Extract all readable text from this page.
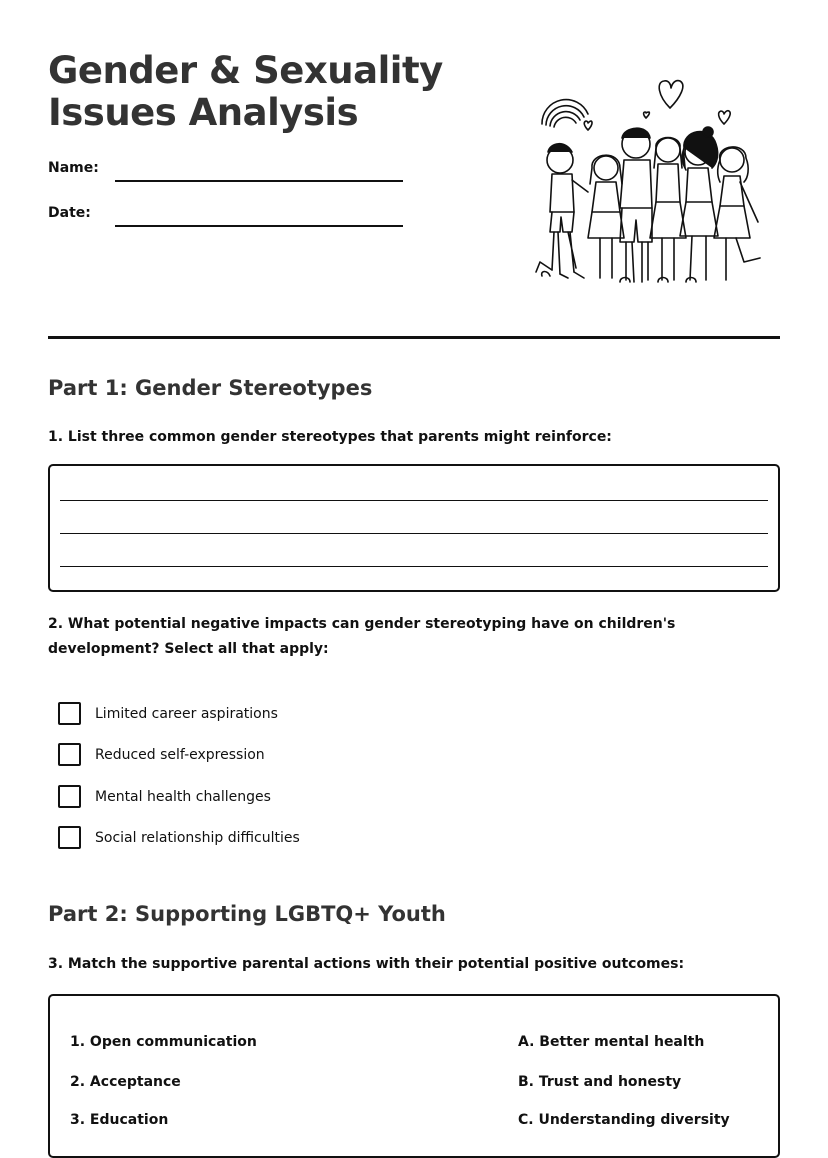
Gender & Sexuality
Issues Analysis
Name:
Date:
Part 1: Gender Stereotypes

1. List three common gender stereotypes that parents might reinforce:

2. What potential negative impacts can gender stereotyping have on children's development? Select all that apply:

Limited career aspirations
Reduced self-expression
Mental health challenges
Social relationship difficulties
Part 2: Supporting LGBTQ+ Youth

3. Match the supportive parental actions with their potential positive outcomes:

1. Open communication
2. Acceptance
3. Education
A. Better mental health
B. Trust and honesty
C. Understanding diversity
